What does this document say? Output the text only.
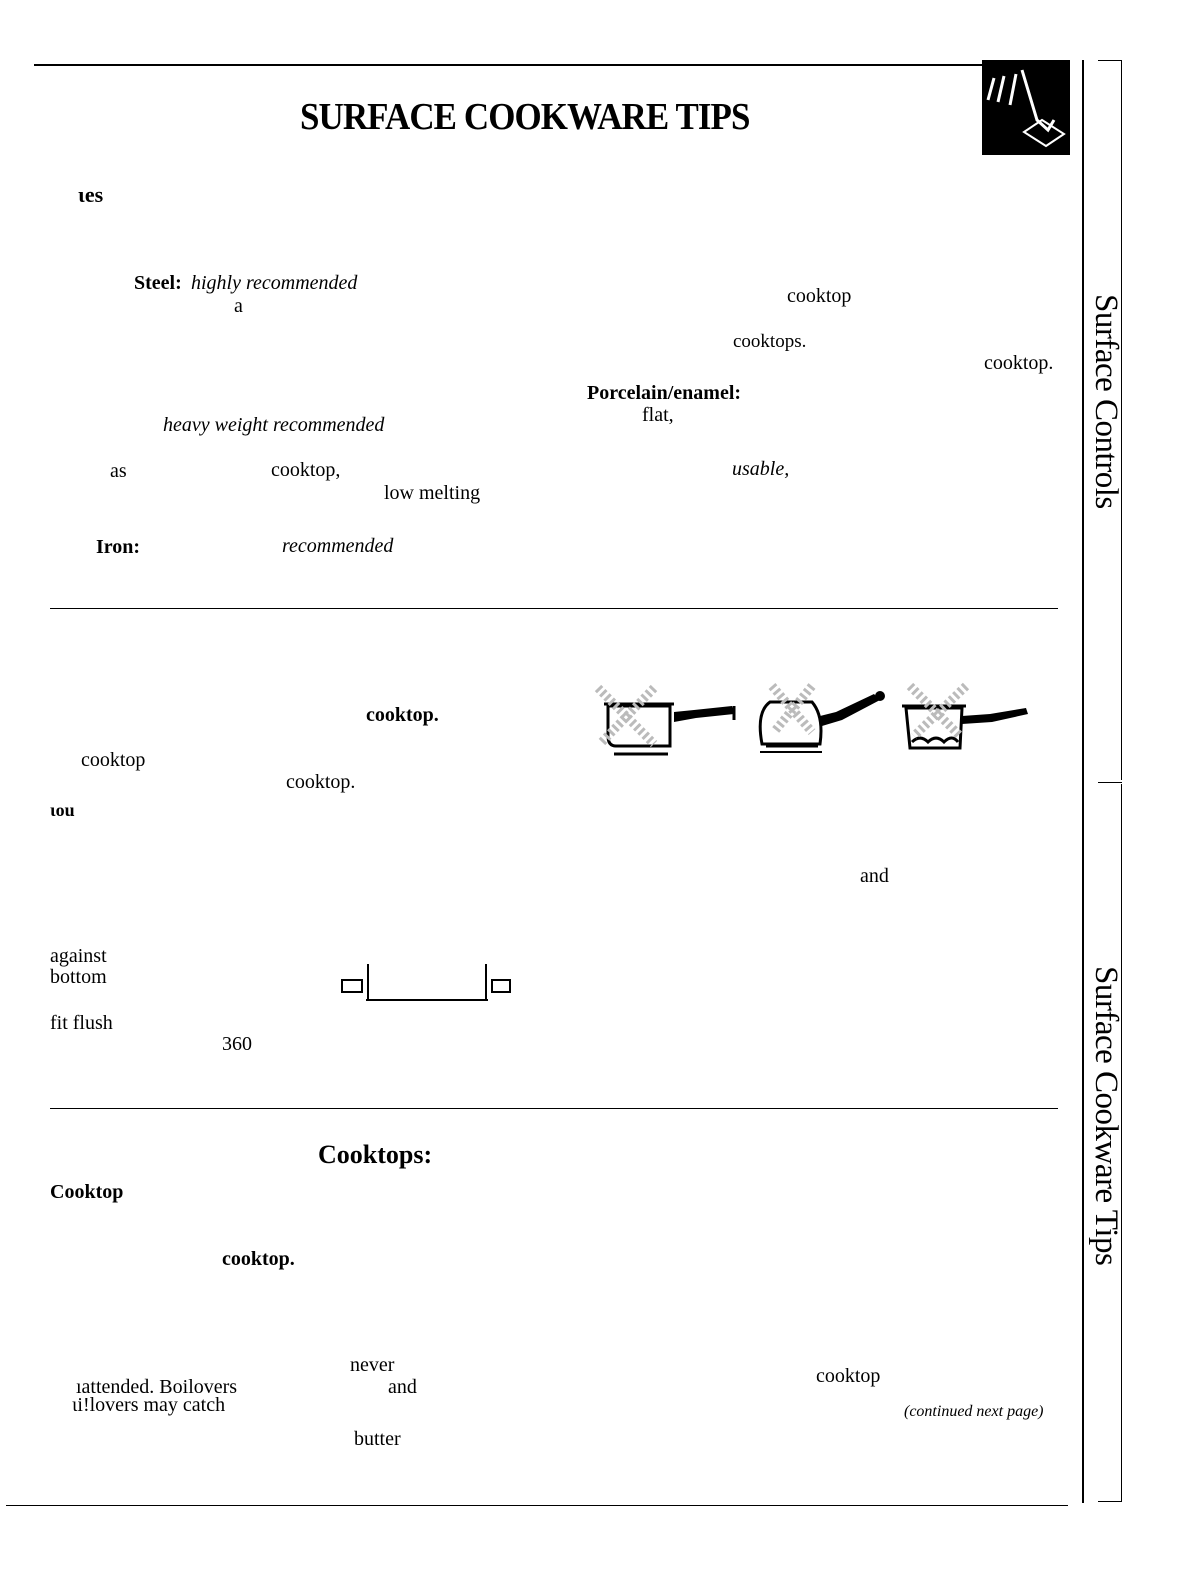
SURFACE COOKWARE TIPS
Surface Controls
Surface Cookware Tips
ɩes
Steel: highly recommended
a	cooktop
cooktops.
cooktop.
Porcelain/enamel:
flat,
heavy weight recommended
as	cooktop,	usable,
low melting
Iron:	recommended
cooktop.
cooktop
cooktop.
ɩou
and
against
bottom
fit flush
360
Cooktops:
Cooktop
cooktop.
never
ıattended. Boilovers	and
ɩi!lovers may catch
cooktop
(continued next page)
butter
